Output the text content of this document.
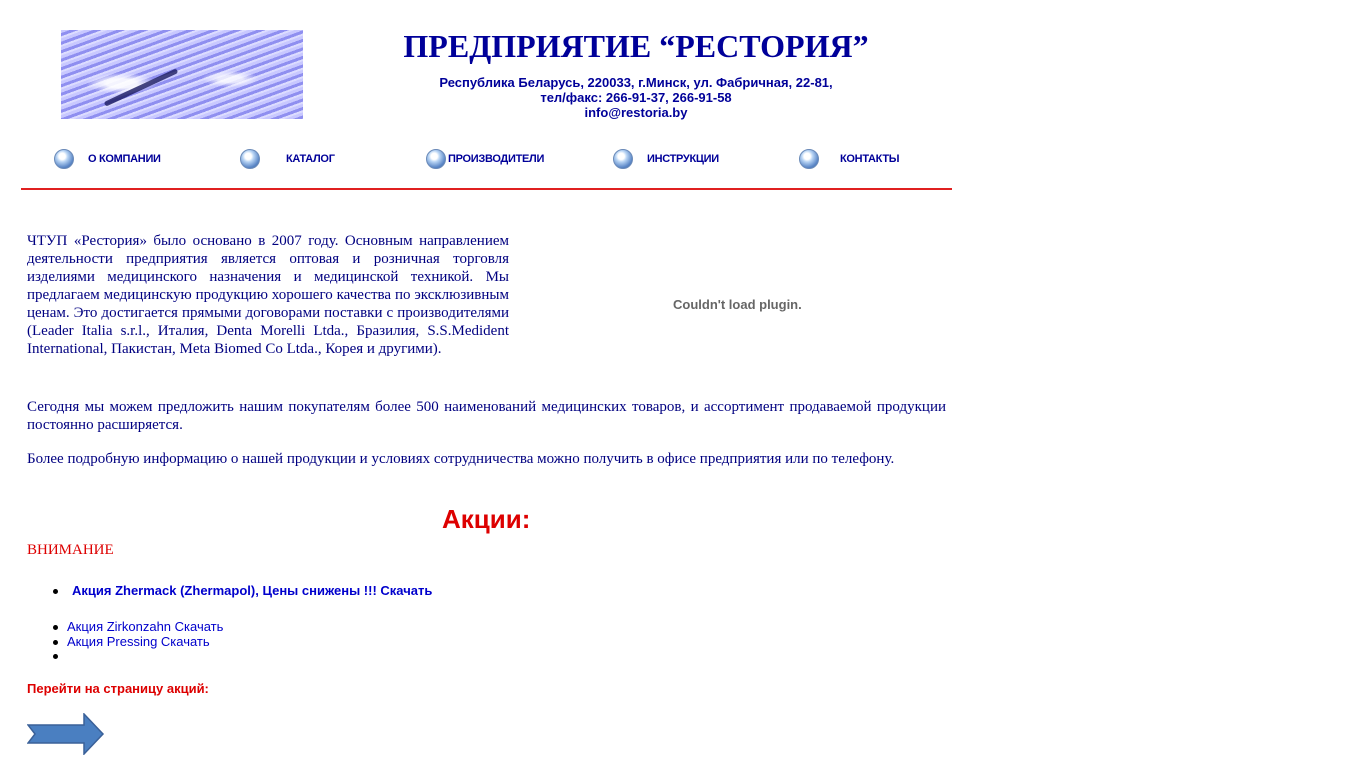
ПРЕДПРИЯТИЕ “РЕСТОРИЯ”
Республика Беларусь, 220033, г.Минск, ул. Фабричная, 22-81,
тел/факс: 266-91-37, 266-91-58
info@restoria.by
О КОМПАНИИ	КАТАЛОГ	ПРОИЗВОДИТЕЛИ	ИНСТРУКЦИИ	КОНТАКТЫ

ЧТУП «Рестория» было основано в 2007 году. Основным направлением деятельности предприятия является оптовая и розничная торговля изделиями медицинского назначения и медицинской техникой. Мы предлагаем медицинскую продукцию хорошего качества по эксклюзивным ценам. Это достигается прямыми договорами поставки с производителями (Leader Italia s.r.l., Италия, Denta Morelli Ltda., Бразилия, S.S.Medident International, Пакистан, Meta Biomed Co Ltda., Корея и другими).

Couldn't load plugin.

Сегодня мы можем предложить нашим покупателям более 500 наименований медицинских товаров, и ассортимент продаваемой продукции постоянно расширяется.

Более подробную информацию о нашей продукции и условиях сотрудничества можно получить в офисе предприятия или по телефону.

Акции:
ВНИМАНИЕ
Акция Zhermack (Zhermapol), Цены снижены !!! Скачать
Акция Zirkonzahn Скачать
Акция Pressing Скачать
Перейти на страницу акций:
